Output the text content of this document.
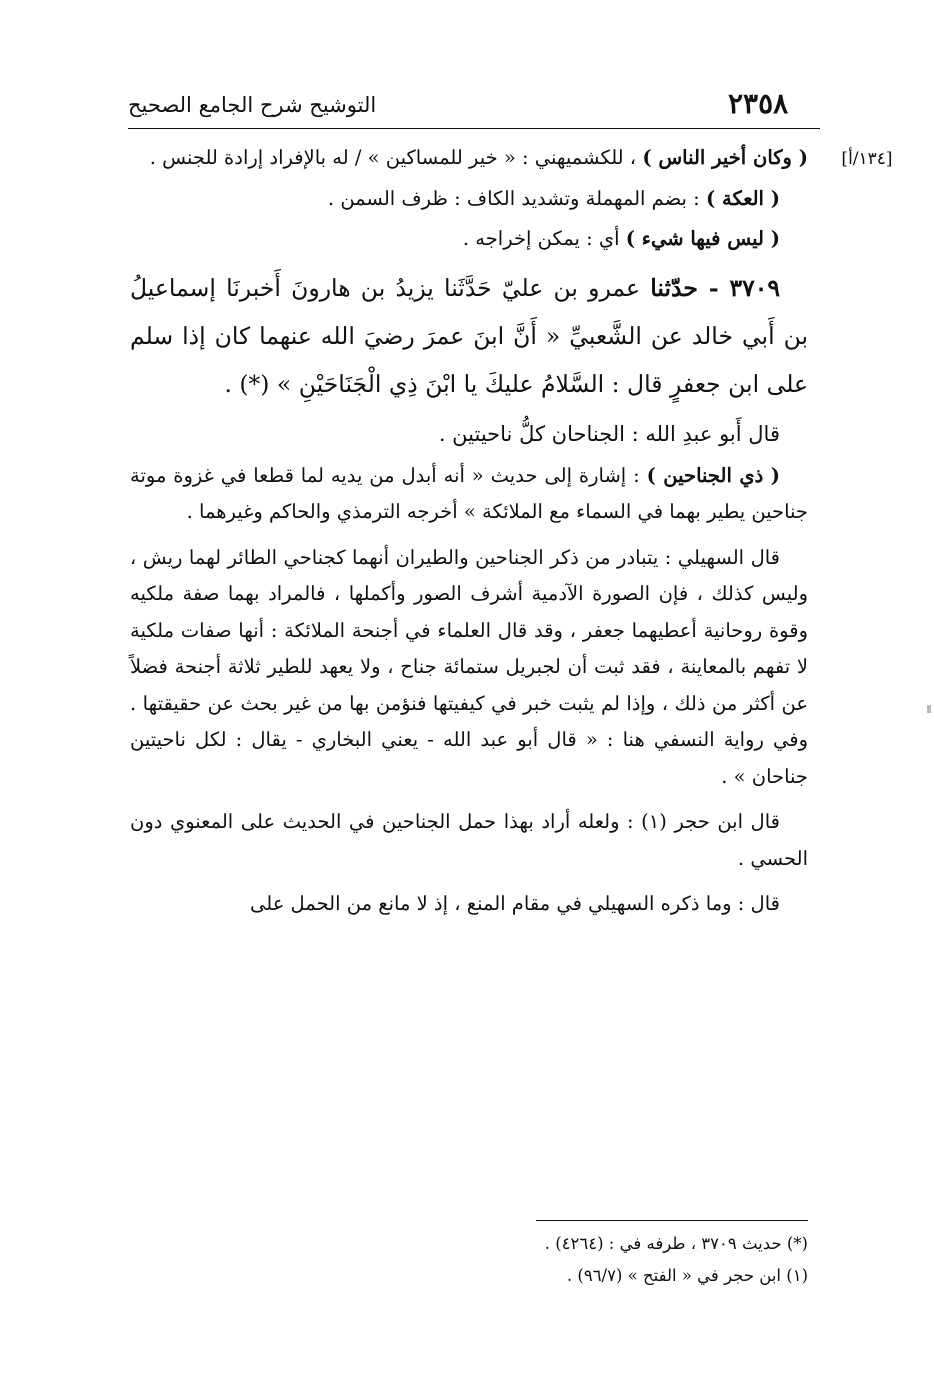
٢٣٥٨
التوشيح شرح الجامع الصحيح
[١٣٤/أ]

( وكان أخير الناس ) ، للكشميهني : « خير للمساكين » / له بالإفراد إرادة للجنس .

( العكة ) : بضم المهملة وتشديد الكاف : ظرف السمن .

( ليس فيها شيء ) أي : يمكن إخراجه .

٣٧٠٩ - حدّثنا عمرو بن عليّ حَدَّثَنا يزيدُ بن هارونَ أَخبرنَا إسماعيلُ بن أَبي خالد عن الشَّعبيِّ « أَنَّ ابنَ عمرَ رضيَ الله عنهما كان إذا سلم على ابن جعفرٍ قال : السَّلامُ عليكَ يا ابْنَ ذِي الْجَنَاحَيْنِ » (*) .

قال أَبو عبدِ الله : الجناحان كلُّ ناحيتين .

( ذي الجناحين ) : إشارة إلى حديث « أنه أبدل من يديه لما قطعا في غزوة موتة جناحين يطير بهما في السماء مع الملائكة » أخرجه الترمذي والحاكم وغيرهما .

قال السهيلي : يتبادر من ذكر الجناحين والطيران أنهما كجناحي الطائر لهما ريش ، وليس كذلك ، فإن الصورة الآدمية أشرف الصور وأكملها ، فالمراد بهما صفة ملكيه وقوة روحانية أعطيهما جعفر ، وقد قال العلماء في أجنحة الملائكة : أنها صفات ملكية لا تفهم بالمعاينة ، فقد ثبت أن لجبريل ستمائة جناح ، ولا يعهد للطير ثلاثة أجنحة فضلاً عن أكثر من ذلك ، وإذا لم يثبت خبر في كيفيتها فنؤمن بها من غير بحث عن حقيقتها . وفي رواية النسفي هنا : « قال أبو عبد الله - يعني البخاري - يقال : لكل ناحيتين جناحان » .

قال ابن حجر (١) : ولعله أراد بهذا حمل الجناحين في الحديث على المعنوي دون الحسي .

قال : وما ذكره السهيلي في مقام المنع ، إذ لا مانع من الحمل على

(*) حديث ٣٧٠٩ ، طرفه في : (٤٢٦٤) .

(١) ابن حجر في « الفتح » (٩٦/٧) .
